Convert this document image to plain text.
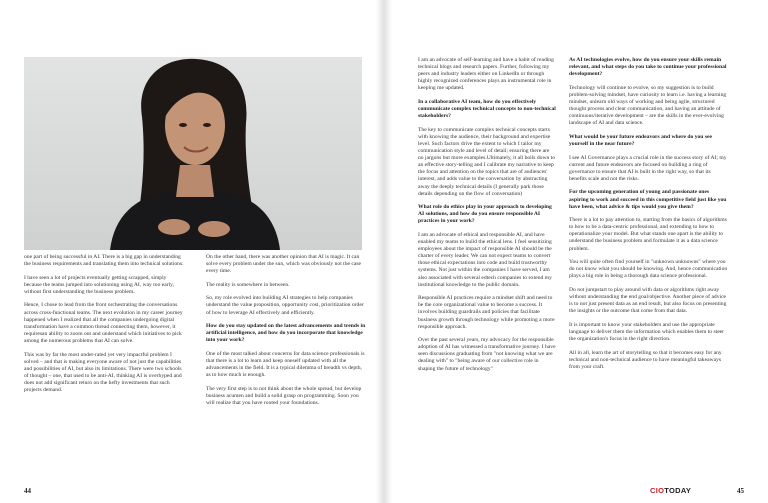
one part of being successful in AI. There is a big gap in understanding the business requirements and translating them into technical solutions.

I have seen a lot of projects eventually getting scrapped, simply because the teams jumped into solutioning using AI, way too early, without first understanding the business problem.

Hence, I chose to lead from the front orchestrating the conversations across cross-functional teams. The next evolution in my career journey happened when I realized that all the companies undergoing digital transformation have a common thread connecting them, however, it requiresan ability to zoom out and understand which initiatives to pick among the numerous problems that AI can solve.

This was by far the most under-rated yet very impactful problem I solved – and that is making everyone aware of not just the capabilities and possibilities of AI, but also its limitations. There were two schools of thought – one, that used to be anti-AI, thinking AI is overhyped and does not add significant return on the hefty investments that such projects demand.

On the other hand, there was another opinion that AI is magic. It can solve every problem under the sun, which was obviously not the case every time.

The reality is somewhere in between.

So, my role evolved into building AI strategies to help companies understand the value proposition, opportunity cost, prioritization order of how to leverage AI effectively and efficiently.

How do you stay updated on the latest advancements and trends in artificial intelligence, and how do you incorporate that knowledge into your work?

One of the most talked about concerns for data science professionals is that there is a lot to learn and keep oneself updated with all the advancements in the field. It is a typical dilemma of breadth vs depth, as to how much is enough.

The very first step is to not think about the whole spread, but develop business acumen and build a solid grasp on programming. Soon you will realize that you have rooted your foundations.

44

I am an advocate of self-learning and have a habit of reading technical blogs and research papers. Further, following my peers and industry leaders either on LinkedIn or through highly recognized conferences plays an instrumental role in keeping me updated.

In a collaborative AI team, how do you effectively communicate complex technical concepts to non-technical stakeholders?

The key to communicate complex technical concepts starts with knowing the audience, their background and expertise level. Such factors drive the extent to which I tailor my communication style and level of detail; ensuring there are no jargons but more examples.Ultimately, it all boils down to an effective story-telling and I calibrate my narrative to keep the focus and attention on the topics that are of audiences' interest, and adds value to the conversation by abstracting away the deeply technical details (I generally park those details depending on the flow of conversation)

What role do ethics play in your approach to developing AI solutions, and how do you ensure responsible AI practices in your work?

I am an advocate of ethical and responsible AI, and have enabled my teams to build the ethical lens. I feel sensitizing employees about the impact of responsible AI should be the charter of every leader. We can not expect teams to convert those ethical expectations into code and build trustworthy systems. Not just within the companies I have served, I am also associated with several edtech companies to extend my institutional knowledge to the public domain.

Responsible AI practices require a mindset shift and need to be the core organizational value to become a success. It involves building guardrails and policies that facilitate business growth through technology while promoting a more responsible approach.

Over the past several years, my advocacy for the responsible adoption of AI has witnessed a transformative journey. I have seen discussions graduating from "not knowing what we are dealing with" to "being aware of our collective role in shaping the future of technology"

As AI technologies evolve, how do you ensure your skills remain relevant, and what steps do you take to continue your professional development?

Technology will continue to evolve, so my suggestion is to build problem-solving mindset, have curiosity to learn i.e. having a learning mindset, unlearn old ways of working and being agile, structured thought process and clear communication, and having an attitude of continuous/iterative development – are the skills in the ever-evolving landscape of AI and data science.

What would be your future endeavors and where do you see yourself in the near future?

I see AI Governance plays a crucial role in the success story of AI; my current and future endeavors are focused on building a ring of governance to ensure that AI is built in the right way, so that its benefits scale and not the risks.

For the upcoming generation of young and passionate ones aspiring to work and succeed in this competitive field just like you have been, what advice & tips would you give them?

There is a lot to pay attention to, starting from the basics of algorithms to how to be a data-centric professional, and extending to how to operationalize your model. But what stands one apart is the ability to understand the business problem and formulate it as a data science problem.

You will quite often find yourself in "unknown unknowns" where you do not know what you should be knowing. And, hence communication plays a big role in being a thorough data science professional.

Do not jumpstart to play around with data or algorithms right away without understanding the end goal/objective. Another piece of advice is to not just present data as an end result, but also focus on presenting the insights or the outcome that come from that data.

It is important to know your stakeholders and use the appropriate language to deliver them the information which enables them to steer the organization's focus in the right direction.

All in all, learn the art of storytelling so that it becomes easy for any technical and non-technical audience to have meaningful takeaways from your craft.

CIOTODAY	45
